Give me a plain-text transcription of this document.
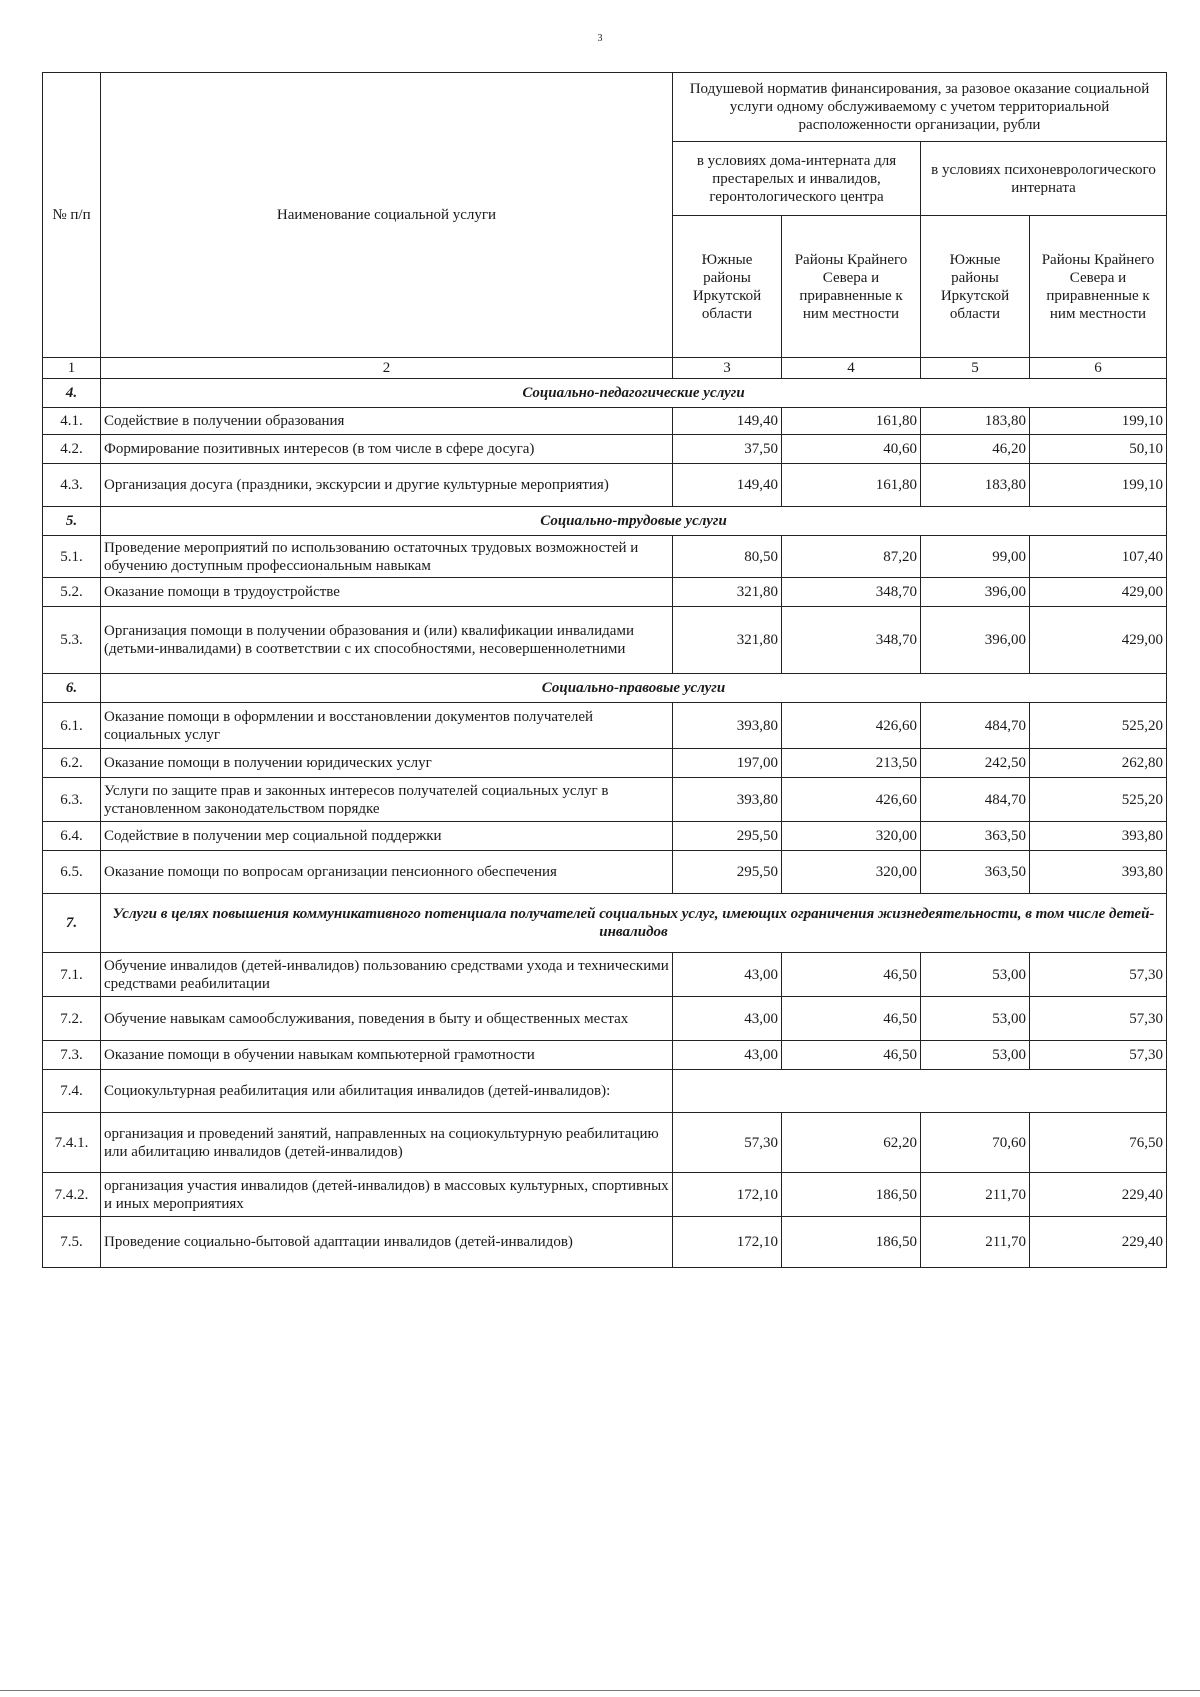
3
№ п/п	Наименование социальной услуги	Подушевой норматив финансирования, за разовое оказание социальной услуги одному обслуживаемому с учетом территориальной расположенности организации, рубли			
		в условиях дома-интерната для престарелых и инвалидов, геронтологического центра		в условиях психоневрологического интерната	
		Южные районы Иркутской области	Районы Крайнего Севера и приравненные к ним местности	Южные районы Иркутской области	Районы Крайнего Севера и приравненные к ним местности
1	2	3	4	5	6
4.	Социально-педагогические услуги				
4.1.	Содействие в получении образования	149,40	161,80	183,80	199,10
4.2.	Формирование позитивных интересов (в том числе в сфере досуга)	37,50	40,60	46,20	50,10
4.3.	Организация досуга (праздники, экскурсии и другие культурные мероприятия)	149,40	161,80	183,80	199,10
5.	Социально-трудовые услуги				
5.1.	Проведение мероприятий по использованию остаточных трудовых возможностей и обучению доступным профессиональным навыкам	80,50	87,20	99,00	107,40
5.2.	Оказание помощи в трудоустройстве	321,80	348,70	396,00	429,00
5.3.	Организация помощи в получении образования и (или) квалификации инвалидами (детьми-инвалидами) в соответствии с их способностями, несовершеннолетними	321,80	348,70	396,00	429,00
6.	Социально-правовые услуги				
6.1.	Оказание помощи в оформлении и восстановлении документов получателей социальных услуг	393,80	426,60	484,70	525,20
6.2.	Оказание помощи в получении юридических услуг	197,00	213,50	242,50	262,80
6.3.	Услуги по защите прав и законных интересов получателей социальных услуг в установленном законодательством порядке	393,80	426,60	484,70	525,20
6.4.	Содействие в получении мер социальной поддержки	295,50	320,00	363,50	393,80
6.5.	Оказание помощи по вопросам организации пенсионного обеспечения	295,50	320,00	363,50	393,80
7.	Услуги в целях повышения коммуникативного потенциала получателей социальных услуг, имеющих ограничения жизнедеятельности, в том числе детей-инвалидов				
7.1.	Обучение инвалидов (детей-инвалидов) пользованию средствами ухода и техническими средствами реабилитации	43,00	46,50	53,00	57,30
7.2.	Обучение навыкам самообслуживания, поведения в быту и общественных местах	43,00	46,50	53,00	57,30
7.3.	Оказание помощи в обучении навыкам компьютерной грамотности	43,00	46,50	53,00	57,30
7.4.	Социокультурная реабилитация или абилитация инвалидов (детей-инвалидов):				
7.4.1.	организация и проведений занятий, направленных на социокультурную реабилитацию или абилитацию инвалидов (детей-инвалидов)	57,30	62,20	70,60	76,50
7.4.2.	организация участия инвалидов (детей-инвалидов) в массовых культурных, спортивных и иных мероприятиях	172,10	186,50	211,70	229,40
7.5.	Проведение социально-бытовой адаптации инвалидов (детей-инвалидов)	172,10	186,50	211,70	229,40
